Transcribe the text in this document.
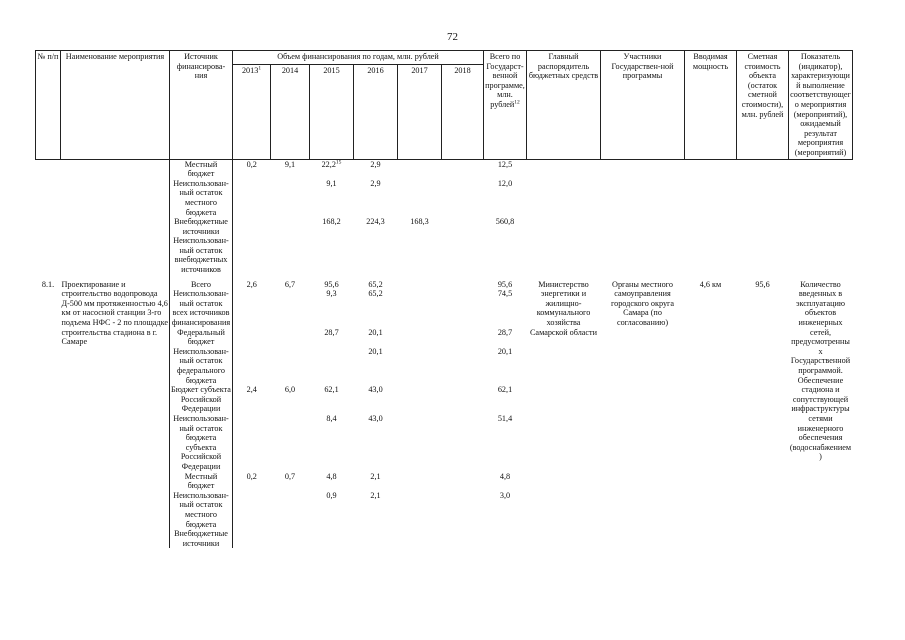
72
№ п/п	Наименование мероприятия	Источник финансирова-ния	Объем финансирования по годам, млн. рублей						Всего по Государст-венной программе, млн. рублей$^{12}$	Главный распорядитель бюджетных средств	Участники Государствен-ной программы	Вводимая мощность	Сметная стоимость объекта (остаток сметной стоимости), млн. рублей	Показатель (индикатор), характеризующий выполнение соответствующего мероприятия (мероприятий), ожидаемый результат мероприятия (мероприятий)
			2013$^1$	2014	2015	2016	2017	2018						
		Местный бюджет	0,2	9,1	22,2$^{15}$	2,9			12,5					
		Неиспользован-ный остаток местного бюджета			9,1	2,9			12,0					
		Внебюджетные источники			168,2	224,3	168,3		560,8					
		Неиспользован-ный остаток внебюджетных источников												

8.1.	Проектирование и строительство водопровода Д-500 мм протяженностью 4,6 км от насосной станции 3-го подъема НФС - 2 по площадке строительства стадиона в г. Самаре	Всего	2,6	6,7	95,6	65,2			95,6	Министерство энергетики и жилищно-коммунального хозяйства Самарской области	Органы местного самоуправления городского округа Самара (по согласованию)	4,6 км	95,6	Количество введенных в эксплуатацию объектов инженерных сетей, предусмотренных Государственной программой. Обеспечение стадиона и сопутствующей инфраструктуры сетями инженерного обеспечения (водоснабжением)
		Неиспользован-ный остаток всех источников финансирования			9,3	65,2			74,5					
		Федеральный бюджет			28,7	20,1			28,7					
		Неиспользован-ный остаток федерального бюджета				20,1			20,1					
		Бюджет субъекта Российской Федерации	2,4	6,0	62,1	43,0			62,1					
		Неиспользован-ный остаток бюджета субъекта Российской Федерации			8,4	43,0			51,4					
		Местный бюджет	0,2	0,7	4,8	2,1			4,8					
		Неиспользован-ный остаток местного бюджета			0,9	2,1			3,0					
		Внебюджетные источники												
